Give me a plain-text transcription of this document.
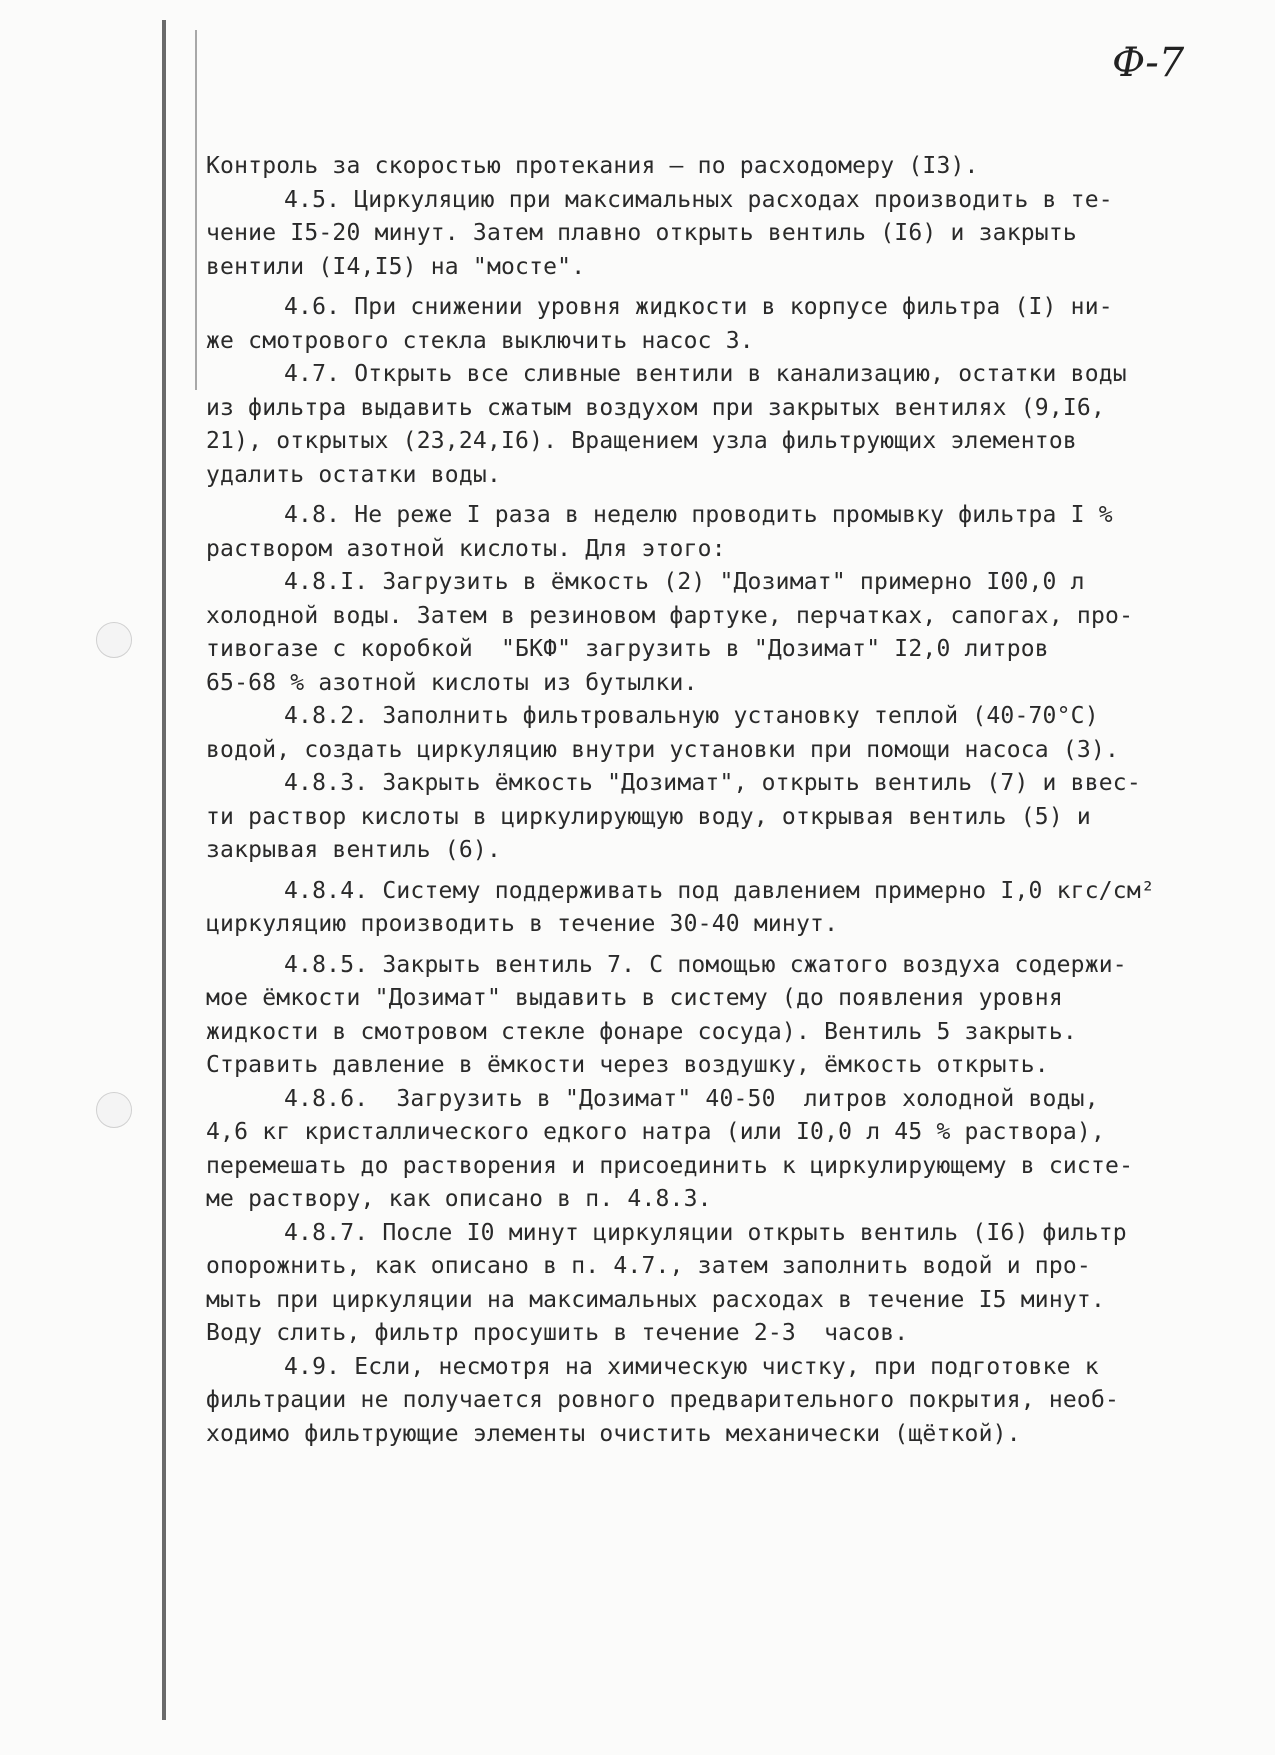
Ф-7
Контроль за скоростью протекания – по расходомеру (I3).
4.5. Циркуляцию при максимальных расходах производить в те-
чение I5-20 минут. Затем плавно открыть вентиль (I6) и закрыть
вентили (I4,I5) на "мосте".
4.6. При снижении уровня жидкости в корпусе фильтра (I) ни-
же смотрового стекла выключить насос 3.
4.7. Открыть все сливные вентили в канализацию, остатки воды
из фильтра выдавить сжатым воздухом при закрытых вентилях (9,I6,
21), открытых (23,24,I6). Вращением узла фильтрующих элементов
удалить остатки воды.
4.8. Не реже I раза в неделю проводить промывку фильтра I %
раствором азотной кислоты. Для этого:
4.8.I. Загрузить в ёмкость (2) "Дозимат" примерно I00,0 л
холодной воды. Затем в резиновом фартуке, перчатках, сапогах, про-
тивогазе с коробкой  "БКФ" загрузить в "Дозимат" I2,0 литров
65-68 % азотной кислоты из бутылки.
4.8.2. Заполнить фильтровальную установку теплой (40-70°С)
водой, создать циркуляцию внутри установки при помощи насоса (3).
4.8.3. Закрыть ёмкость "Дозимат", открыть вентиль (7) и ввес-
ти раствор кислоты в циркулирующую воду, открывая вентиль (5) и
закрывая вентиль (6).
4.8.4. Систему поддерживать под давлением примерно I,0 кгс/см²
циркуляцию производить в течение 30-40 минут.
4.8.5. Закрыть вентиль 7. С помощью сжатого воздуха содержи-
мое ёмкости "Дозимат" выдавить в систему (до появления уровня
жидкости в смотровом стекле фонаре сосуда). Вентиль 5 закрыть.
Стравить давление в ёмкости через воздушку, ёмкость открыть.
4.8.6.  Загрузить в "Дозимат" 40-50  литров холодной воды,
4,6 кг кристаллического едкого натра (или I0,0 л 45 % раствора),
перемешать до растворения и присоединить к циркулирующему в систе-
ме раствору, как описано в п. 4.8.3.
4.8.7. После I0 минут циркуляции открыть вентиль (I6) фильтр
опорожнить, как описано в п. 4.7., затем заполнить водой и про-
мыть при циркуляции на максимальных расходах в течение I5 минут.
Воду слить, фильтр просушить в течение 2-3  часов.
4.9. Если, несмотря на химическую чистку, при подготовке к
фильтрации не получается ровного предварительного покрытия, необ-
ходимо фильтрующие элементы очистить механически (щёткой).
